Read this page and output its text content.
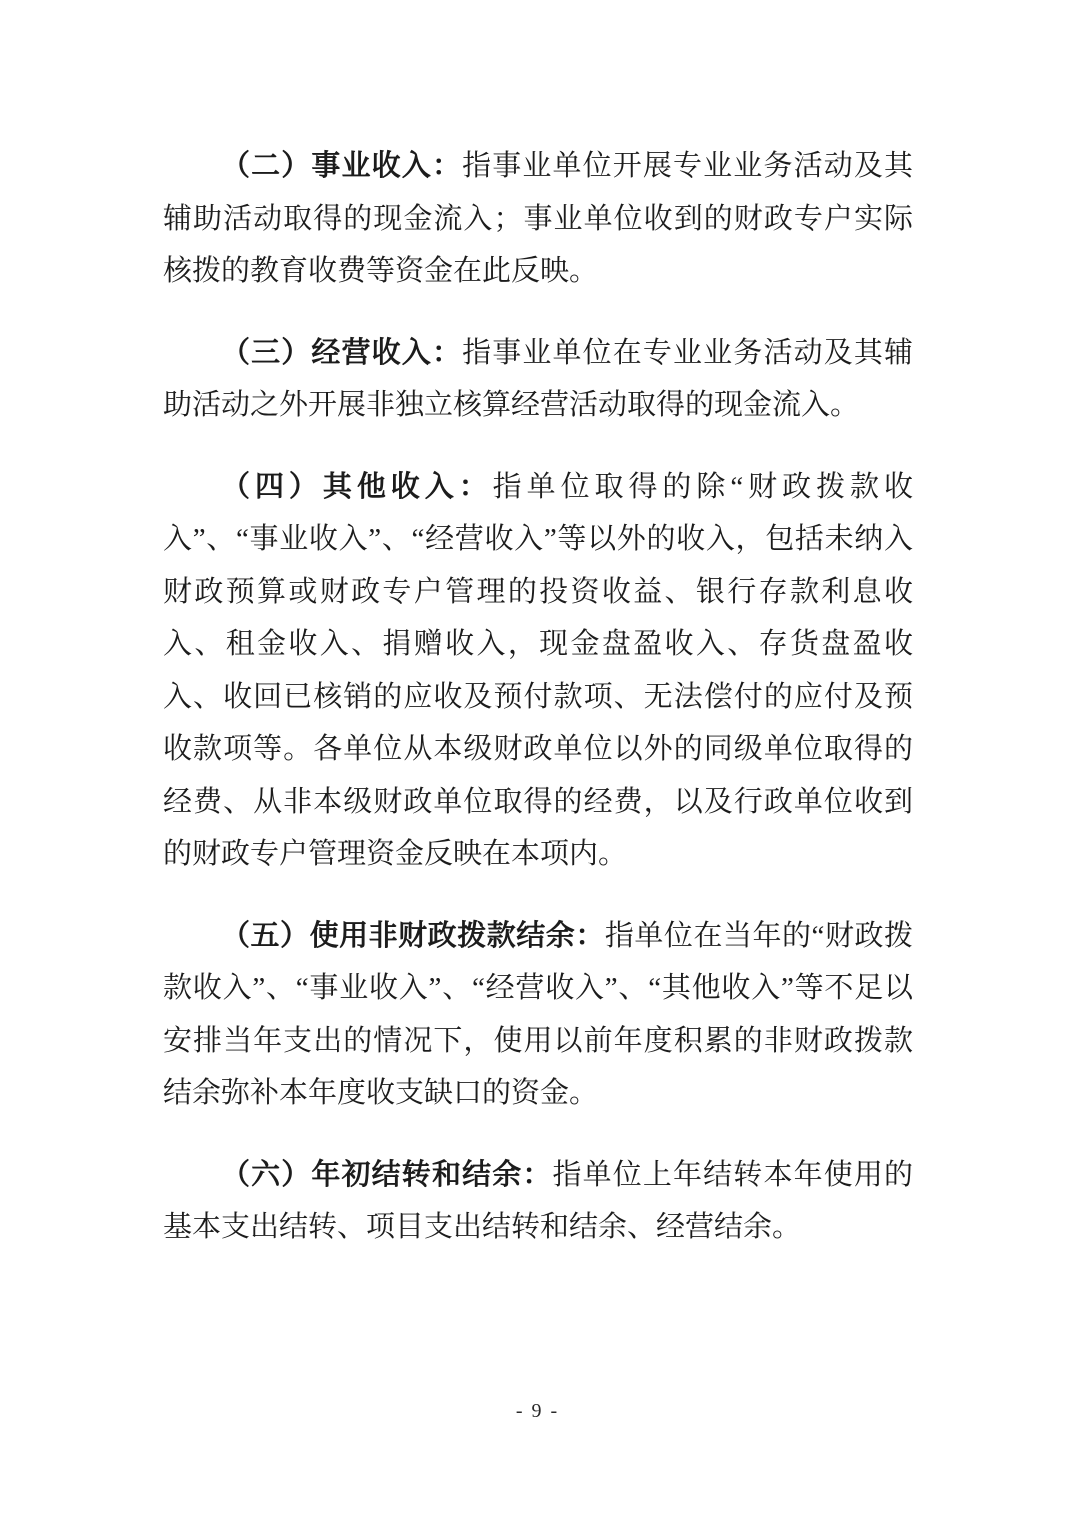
（二）事业收入：指事业单位开展专业业务活动及其辅助活动取得的现金流入；事业单位收到的财政专户实际核拨的教育收费等资金在此反映。

（三）经营收入：指事业单位在专业业务活动及其辅助活动之外开展非独立核算经营活动取得的现金流入。

（四）其他收入：指单位取得的除“财政拨款收入”、“事业收入”、“经营收入”等以外的收入，包括未纳入财政预算或财政专户管理的投资收益、银行存款利息收入、租金收入、捐赠收入，现金盘盈收入、存货盘盈收入、收回已核销的应收及预付款项、无法偿付的应付及预收款项等。各单位从本级财政单位以外的同级单位取得的经费、从非本级财政单位取得的经费，以及行政单位收到的财政专户管理资金反映在本项内。

（五）使用非财政拨款结余：指单位在当年的“财政拨款收入”、“事业收入”、“经营收入”、“其他收入”等不足以安排当年支出的情况下，使用以前年度积累的非财政拨款结余弥补本年度收支缺口的资金。

（六）年初结转和结余：指单位上年结转本年使用的基本支出结转、项目支出结转和结余、经营结余。

- 9 -
